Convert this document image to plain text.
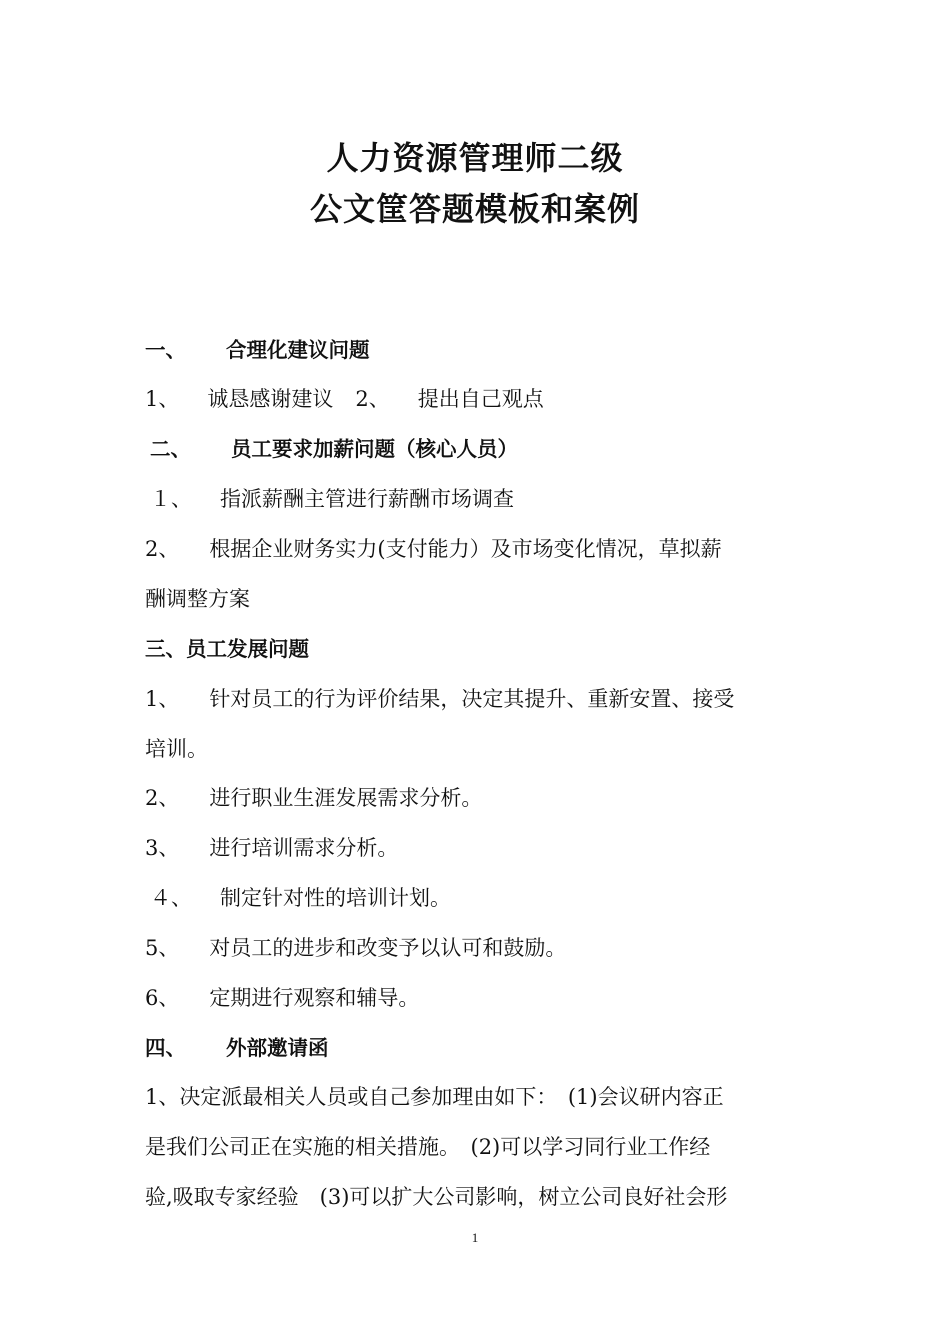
人力资源管理师二级
公文筐答题模板和案例
一、 合理化建议问题
1、 诚恳感谢建议 2、 提出自己观点
二、 员工要求加薪问题（核心人员）
１、 指派薪酬主管进行薪酬市场调查
2、 根据企业财务实力(支付能力）及市场变化情况，草拟薪
酬调整方案
三、员工发展问题
1、 针对员工的行为评价结果，决定其提升、重新安置、接受
培训。
2、 进行职业生涯发展需求分析。
3、 进行培训需求分析。
４、 制定针对性的培训计划。
5、 对员工的进步和改变予以认可和鼓励。
6、 定期进行观察和辅导。
四、 外部邀请函
1、决定派最相关人员或自己参加理由如下：　(1)会议研内容正
是我们公司正在实施的相关措施。　(2)可以学习同行业工作经
验,吸取专家经验　(3)可以扩大公司影响，树立公司良好社会形
1
